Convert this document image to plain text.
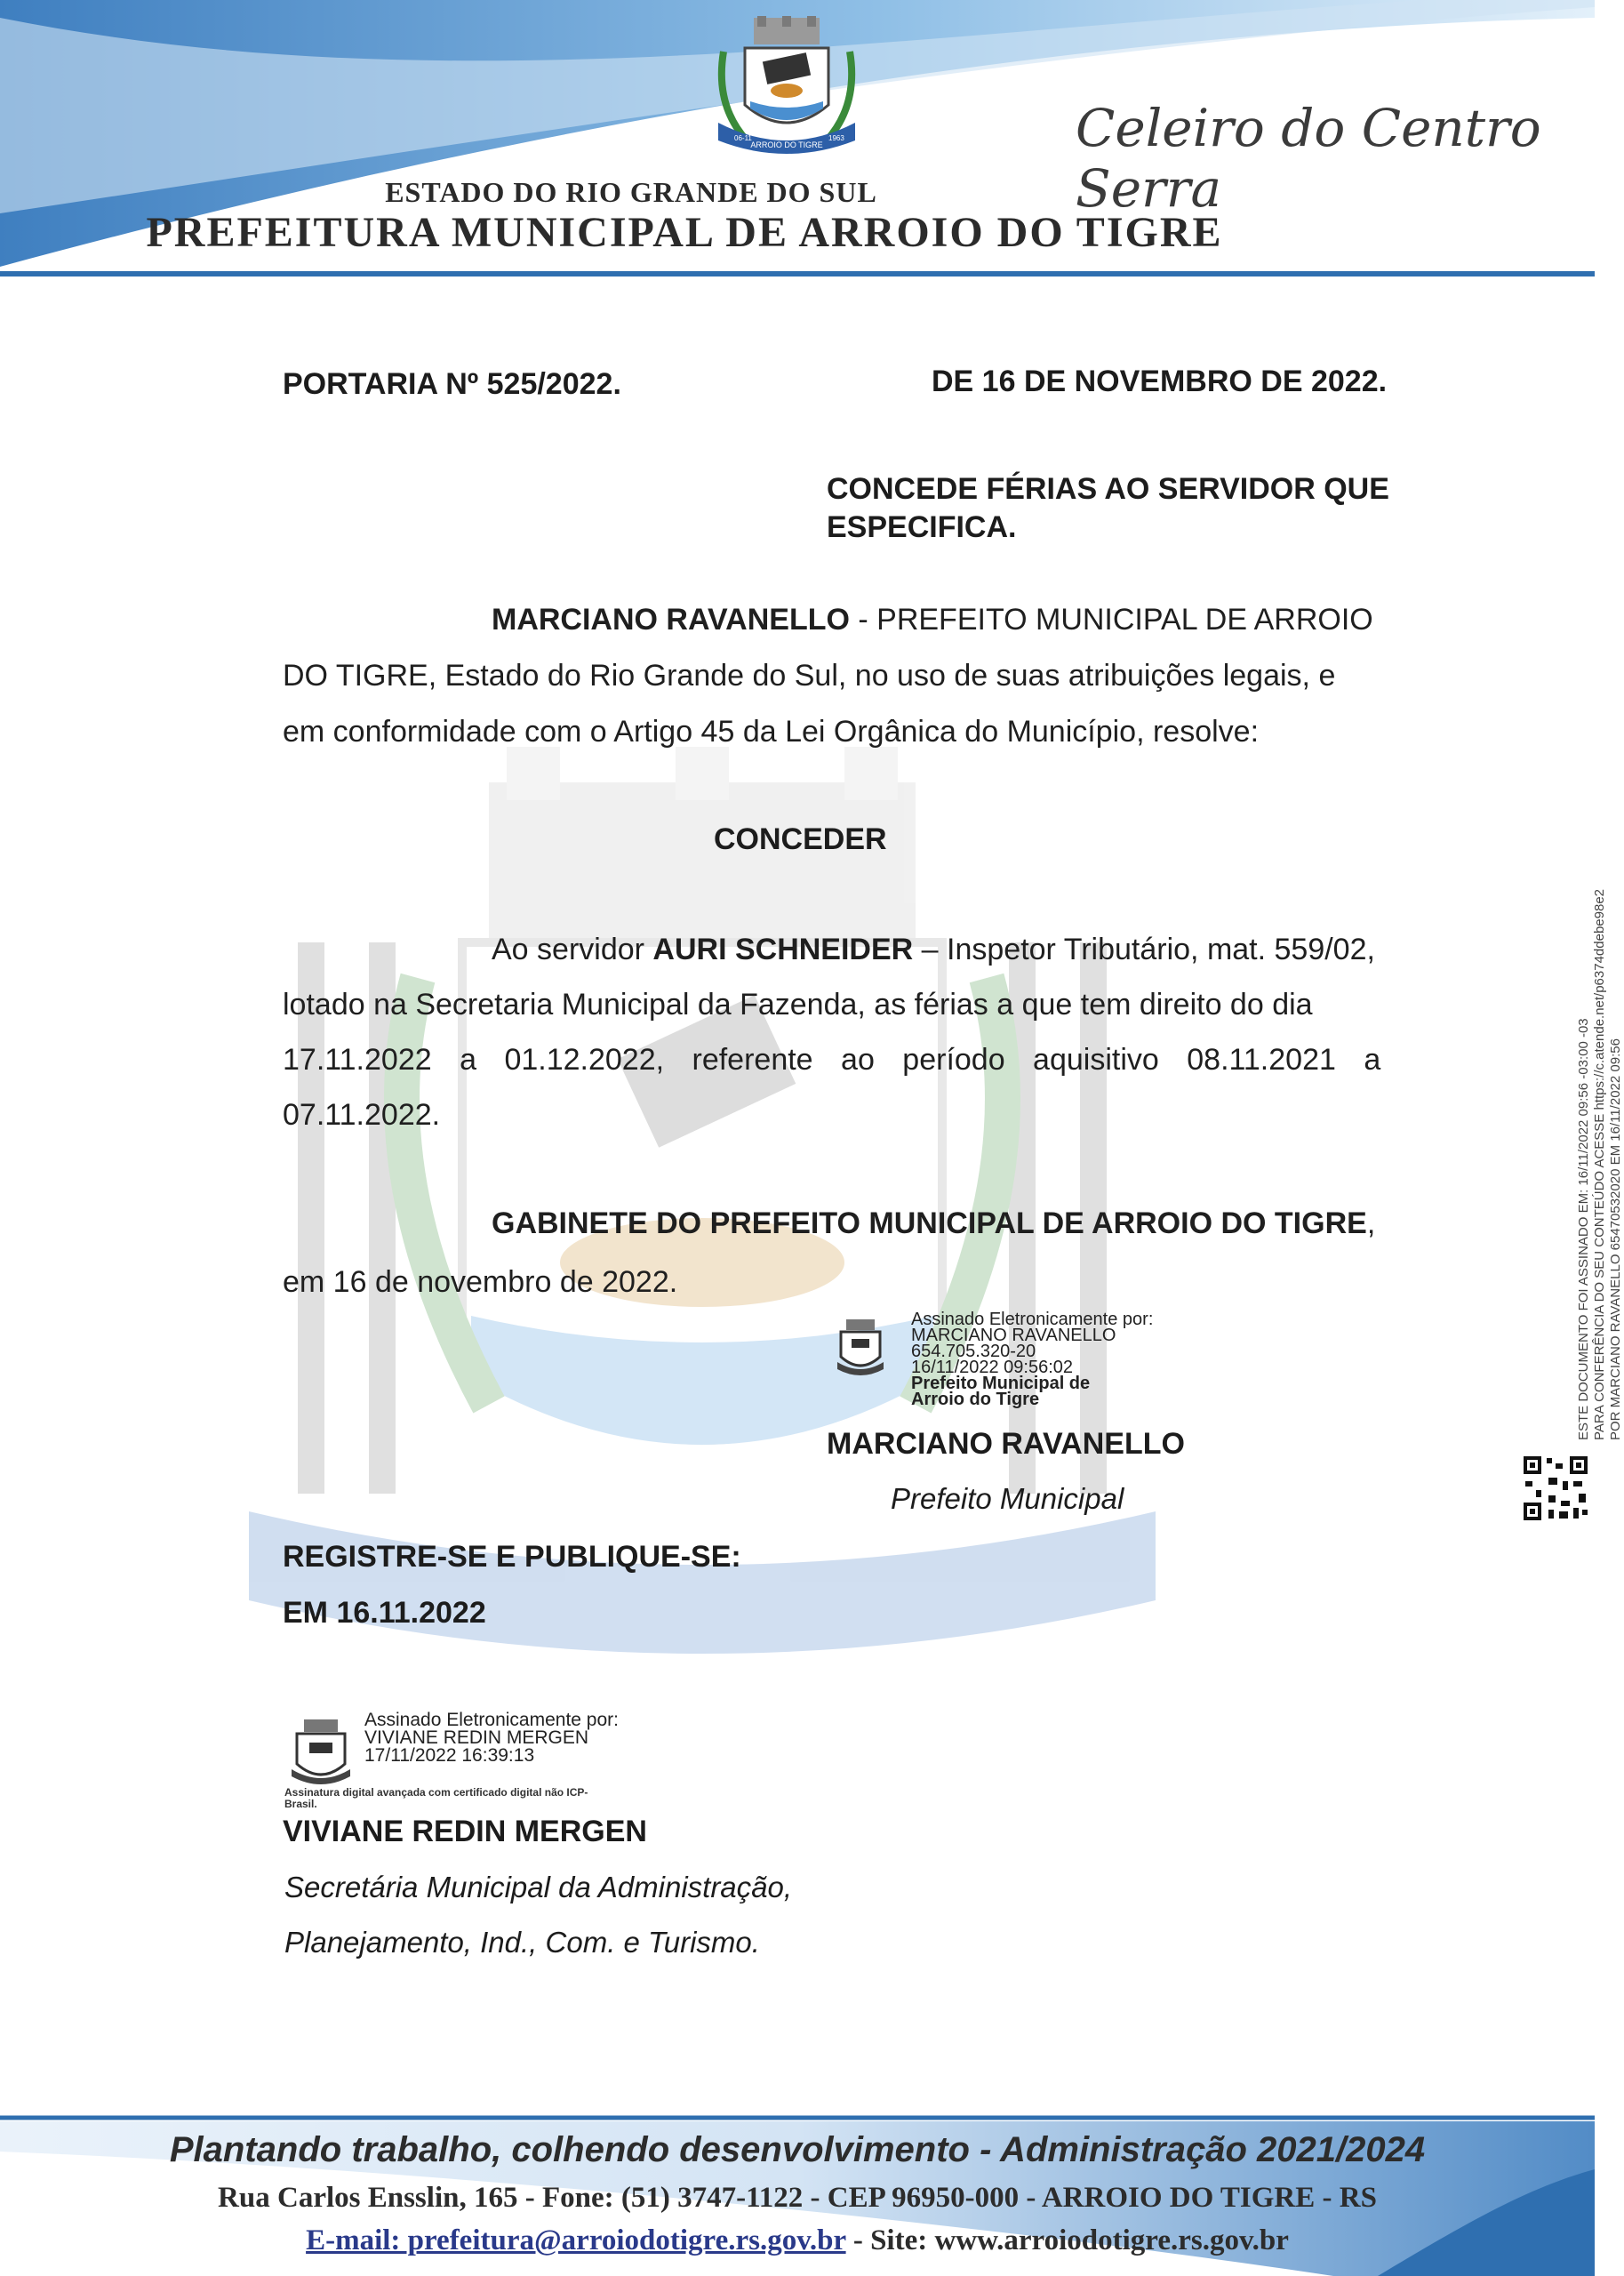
ARROIO DO TIGRE
06-11	1963	Celeiro do Centro Serra
ESTADO DO RIO GRANDE DO SUL
PREFEITURA MUNICIPAL DE ARROIO DO TIGRE
PORTARIA Nº 525/2022.	DE 16 DE NOVEMBRO DE 2022.
CONCEDE FÉRIAS AO SERVIDOR QUE
ESPECIFICA.
MARCIANO RAVANELLO - PREFEITO MUNICIPAL DE ARROIO
DO TIGRE, Estado do Rio Grande do Sul, no uso de suas atribuições legais, e
em conformidade com o Artigo 45 da Lei Orgânica do Município, resolve:
CONCEDER
Ao servidor AURI SCHNEIDER – Inspetor Tributário, mat. 559/02,
lotado na Secretaria Municipal da Fazenda, as férias a que tem direito do dia
17.11.2022 a 01.12.2022, referente ao período aquisitivo 08.11.2021 a
07.11.2022.
GABINETE DO PREFEITO MUNICIPAL DE ARROIO DO TIGRE,
em 16 de novembro de 2022.
Assinado Eletronicamente por:
MARCIANO RAVANELLO
654.705.320-20
16/11/2022 09:56:02
Prefeito Municipal de
Arroio do Tigre
MARCIANO RAVANELLO
Prefeito Municipal
REGISTRE-SE E PUBLIQUE-SE:
EM 16.11.2022
Assinado Eletronicamente por:
VIVIANE REDIN MERGEN
17/11/2022 16:39:13
Assinatura digital avançada com certificado digital não ICP-
Brasil.
VIVIANE REDIN MERGEN
Secretária Municipal da Administração,
Planejamento, Ind., Com. e Turismo.
ESTE DOCUMENTO FOI ASSINADO EM: 16/11/2022 09:56 -03:00 -03 PARA CONFERÊNCIA DO SEU CONTEÚDO ACESSE https://c.atende.net/p6374ddebe98e2 POR MARCIANO RAVANELLO 65470532020 EM 16/11/2022 09:56
Plantando trabalho, colhendo desenvolvimento - Administração 2021/2024
Rua Carlos Ensslin, 165 - Fone: (51) 3747-1122 - CEP 96950-000 - ARROIO DO TIGRE - RS
E-mail: prefeitura@arroiodotigre.rs.gov.br - Site: www.arroiodotigre.rs.gov.br
